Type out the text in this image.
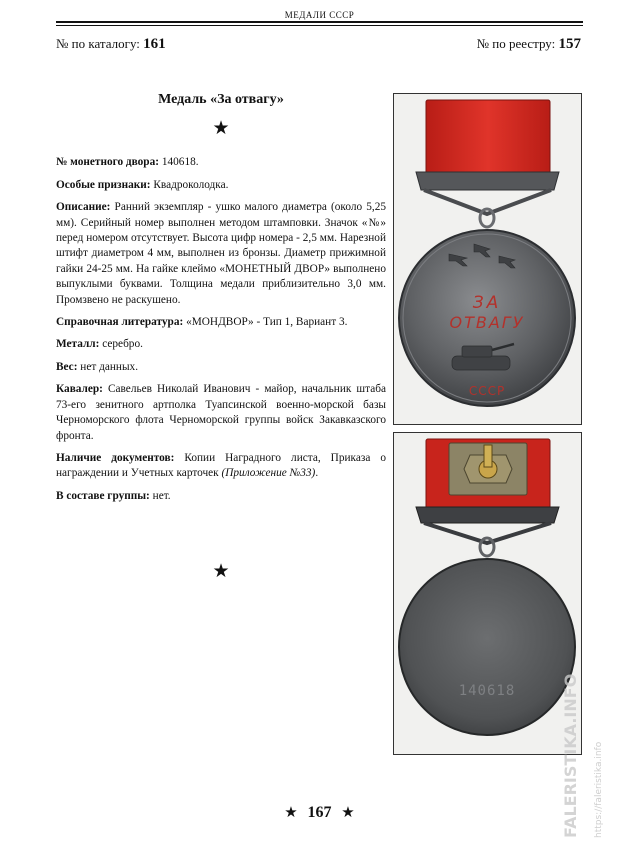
МЕДАЛИ СССР
№ по каталогу: 161	№ по реестру: 157
Медаль «За отвагу»
★
№ монетного двора: 140618.
Особые признаки: Квадроколодка.
Описание: Ранний экземпляр - ушко малого диаметра (около 5,25 мм). Серийный номер выполнен методом штамповки. Значок «№» перед номером отсутствует. Высота цифр номера - 2,5 мм. Нарезной штифт диаметром 4 мм, выполнен из бронзы. Диаметр прижимной гайки 24-25 мм. На гайке клеймо «МОНЕТНЫЙ ДВОР» выполнено выпуклыми буквами. Толщина медали приблизительно 3,0 мм. Промзвено не раскушено.
Справочная литература: «МОНДВОР» - Тип 1, Вариант 3.
Металл: серебро.
Вес: нет данных.
Кавалер: Савельев Николай Иванович - майор, начальник штаба 73-его зенитного артполка Туапсинской военно-морской базы Черноморского флота Черноморской группы войск Закавказского фронта.
Наличие документов: Копии Наградного листа, Приказа о награждении и Учетных карточек (Приложение №33).
В составе группы: нет.
★
ЗА
ОТВАГУ
СССР
140618
★ 167 ★	FALERISTIKA.INFO https://faleristika.info
